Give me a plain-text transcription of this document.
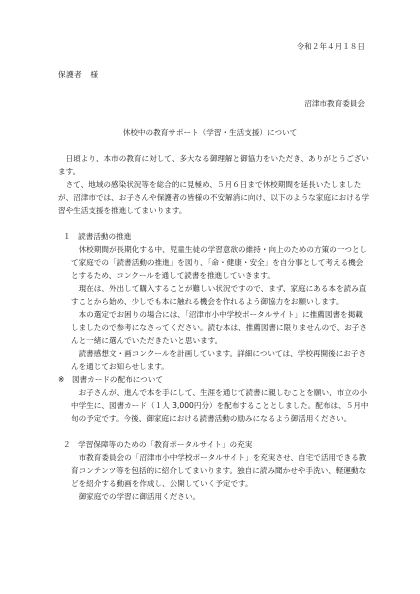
令和２年４月１８日
保護者　様
沼津市教育委員会
休校中の教育サポート（学習・生活支援）について

日頃より、本市の教育に対して、多大なる御理解と御協力をいただき、ありがとうございます。

さて、地域の感染状況等を総合的に見極め、５月６日まで休校期間を延長いたしましたが、沼津市では、お子さんや保護者の皆様の不安解消に向け、以下のような家庭における学習や生活支援を推進してまいります。

１　読書活動の推進

休校期間が長期化する中、児童生徒の学習意欲の維持・向上のための方策の一つとして家庭での「読書活動の推進」を図り、「命・健康・安全」を自分事として考える機会とするため、コンクールを通して読書を推進していきます。

現在は、外出して購入することが難しい状況ですので、まず、家庭にある本を読み直すことから始め、少しでも本に触れる機会を作れるよう御協力をお願いします。

本の選定でお困りの場合には、「沼津市小中学校ポータルサイト」に推薦図書を掲載しましたので参考になさってください。読む本は、推薦図書に限りませんので、お子さんと一緒に選んでいただきたいと思います。

読書感想文・画コンクールを計画しています。詳細については、学校再開後にお子さんを通じてお知らせします。

※　図書カードの配布について

お子さんが、進んで本を手にして、生涯を通じて読書に親しむことを願い、市立の小中学生に、図書カード（１人 3,000円分）を配布することとしました。配布は、５月中旬の予定です。今後、御家庭における読書活動の励みになるよう御活用ください。

２　学習保障等のための「教育ポータルサイト」の充実

市教育委員会の「沼津市小中学校ポータルサイト」を充実させ、自宅で活用できる教育コンテンツ等を包括的に紹介してまいります。独自に読み聞かせや手洗い、軽運動などを紹介する動画を作成し、公開していく予定です。

御家庭での学習に御活用ください。
